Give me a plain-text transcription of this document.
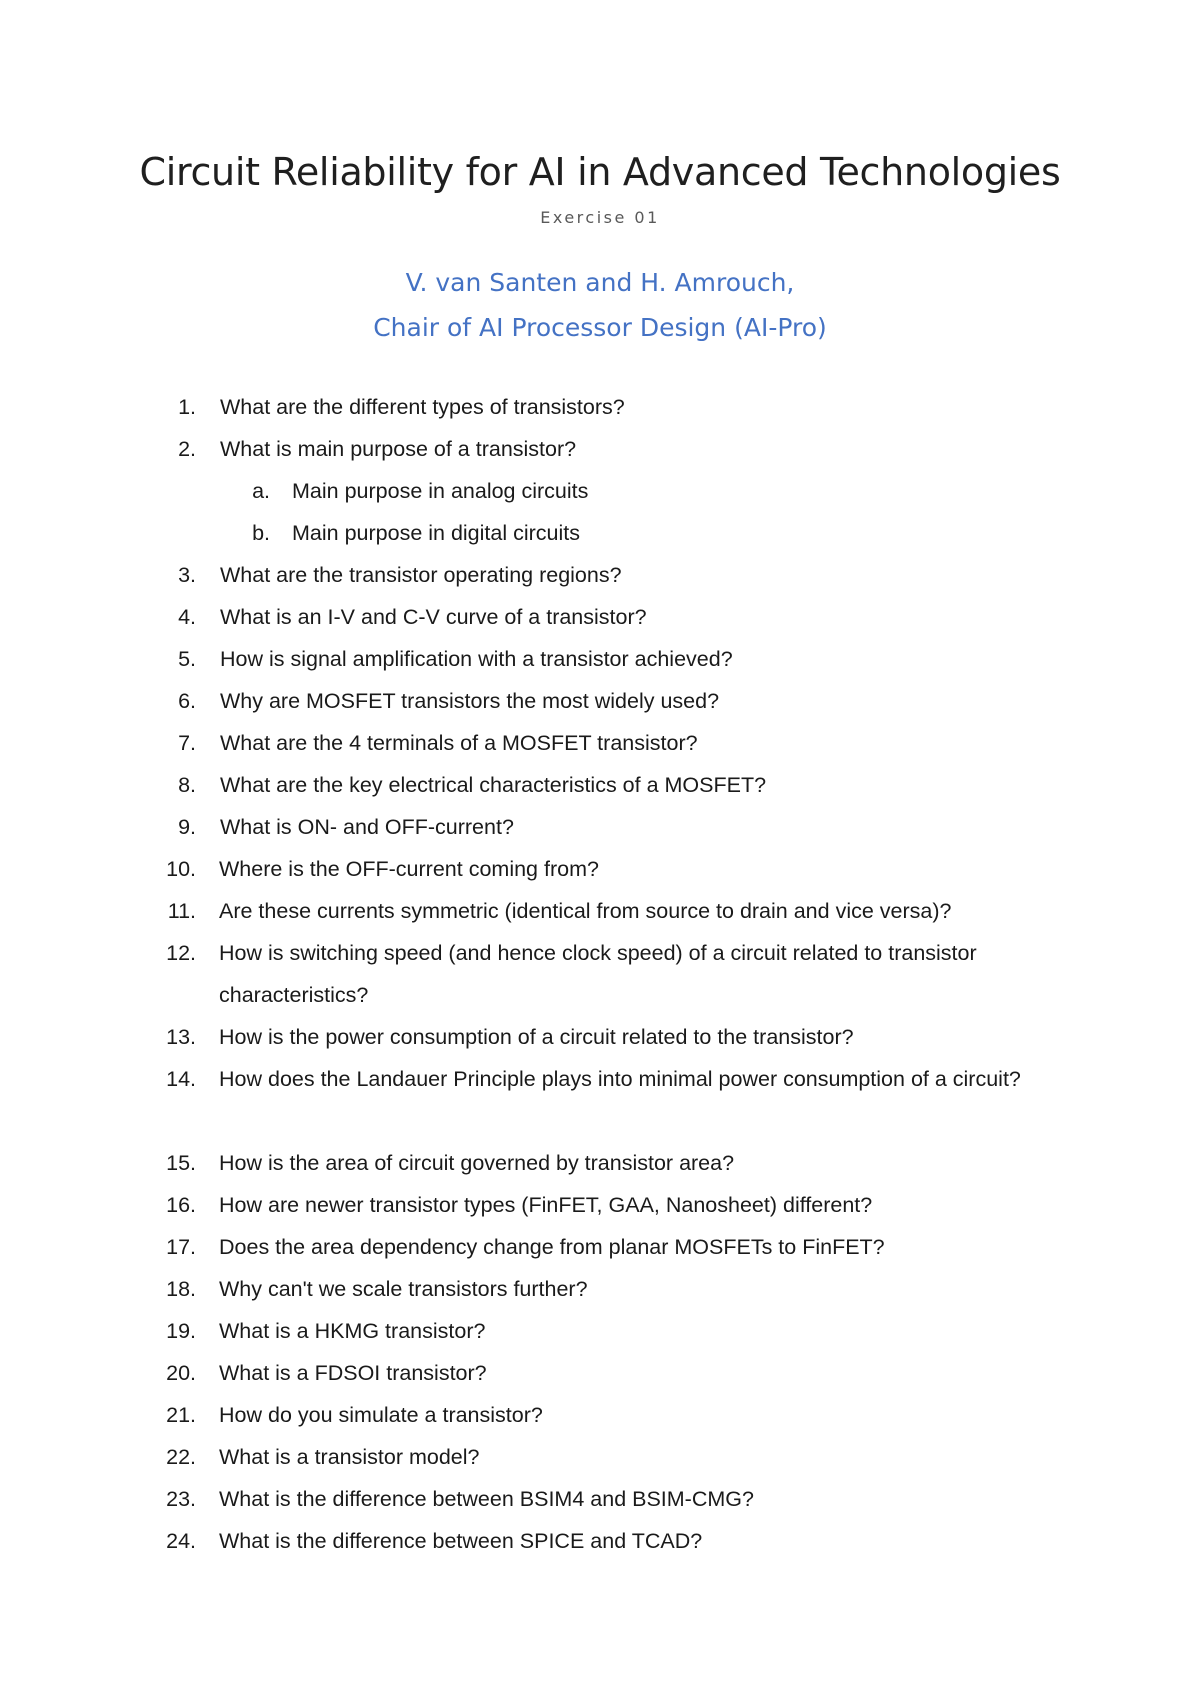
Circuit Reliability for AI in Advanced Technologies
Exercise 01
V. van Santen and H. Amrouch,
Chair of AI Processor Design (AI-Pro)
1. What are the different types of transistors?
2. What is main purpose of a transistor?
a. Main purpose in analog circuits
b. Main purpose in digital circuits
3. What are the transistor operating regions?
4. What is an I-V and C-V curve of a transistor?
5. How is signal amplification with a transistor achieved?
6. Why are MOSFET transistors the most widely used?
7. What are the 4 terminals of a MOSFET transistor?
8. What are the key electrical characteristics of a MOSFET?
9. What is ON- and OFF-current?
10. Where is the OFF-current coming from?
11. Are these currents symmetric (identical from source to drain and vice versa)?
12. How is switching speed (and hence clock speed) of a circuit related to transistor characteristics?
13. How is the power consumption of a circuit related to the transistor?
14. How does the Landauer Principle plays into minimal power consumption of a circuit?
15. How is the area of circuit governed by transistor area?
16. How are newer transistor types (FinFET, GAA, Nanosheet) different?
17. Does the area dependency change from planar MOSFETs to FinFET?
18. Why can't we scale transistors further?
19. What is a HKMG transistor?
20. What is a FDSOI transistor?
21. How do you simulate a transistor?
22. What is a transistor model?
23. What is the difference between BSIM4 and BSIM-CMG?
24. What is the difference between SPICE and TCAD?
